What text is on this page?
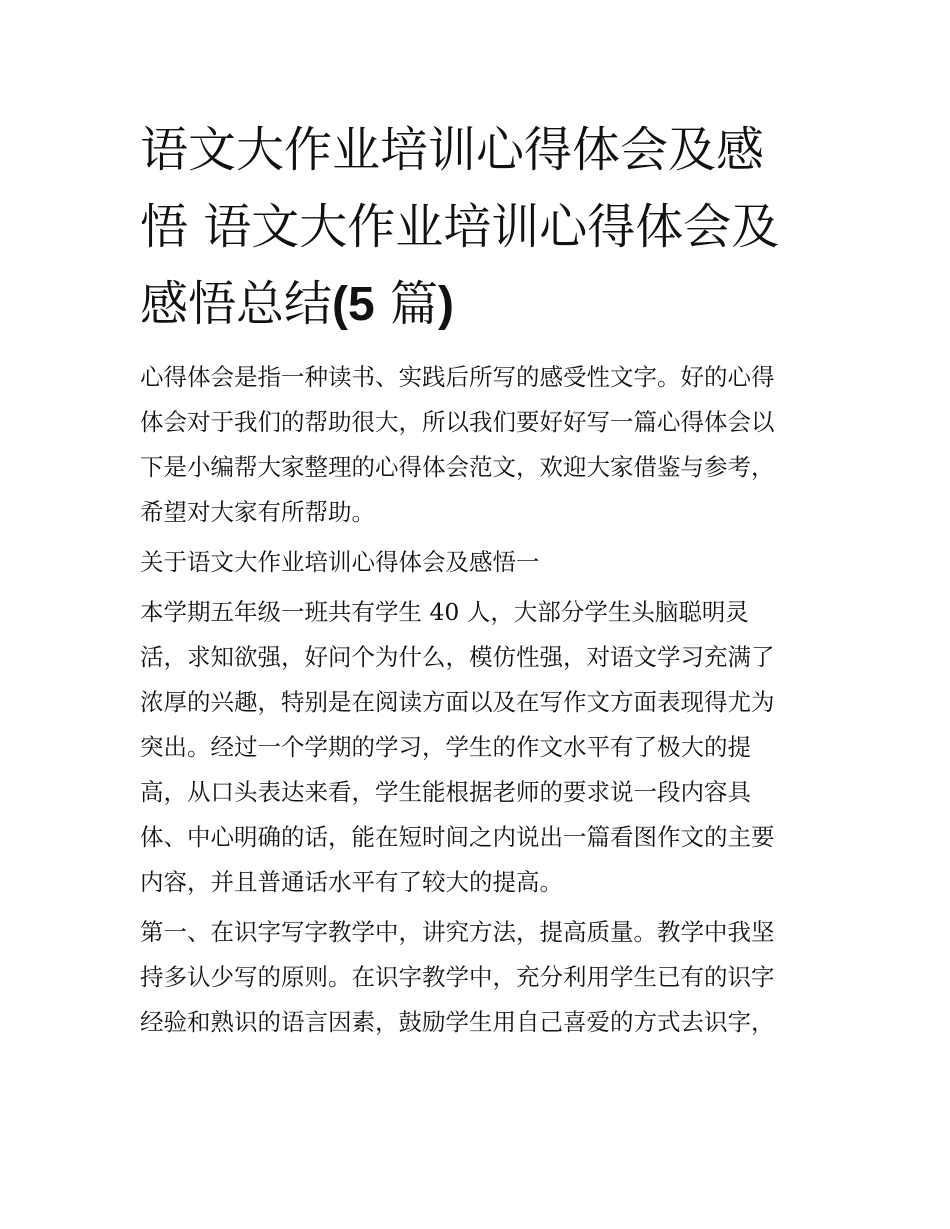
语文大作业培训心得体会及感
悟 语文大作业培训心得体会及
感悟总结(5 篇)

心得体会是指一种读书、实践后所写的感受性文字。好的心得
体会对于我们的帮助很大，所以我们要好好写一篇心得体会以
下是小编帮大家整理的心得体会范文，欢迎大家借鉴与参考，
希望对大家有所帮助。

关于语文大作业培训心得体会及感悟一

本学期五年级一班共有学生 40 人，大部分学生头脑聪明灵
活，求知欲强，好问个为什么，模仿性强，对语文学习充满了
浓厚的兴趣，特别是在阅读方面以及在写作文方面表现得尤为
突出。经过一个学期的学习，学生的作文水平有了极大的提
高，从口头表达来看，学生能根据老师的要求说一段内容具
体、中心明确的话，能在短时间之内说出一篇看图作文的主要
内容，并且普通话水平有了较大的提高。

第一、在识字写字教学中，讲究方法，提高质量。教学中我坚
持多认少写的原则。在识字教学中，充分利用学生已有的识字
经验和熟识的语言因素，鼓励学生用自己喜爱的方式去识字，
